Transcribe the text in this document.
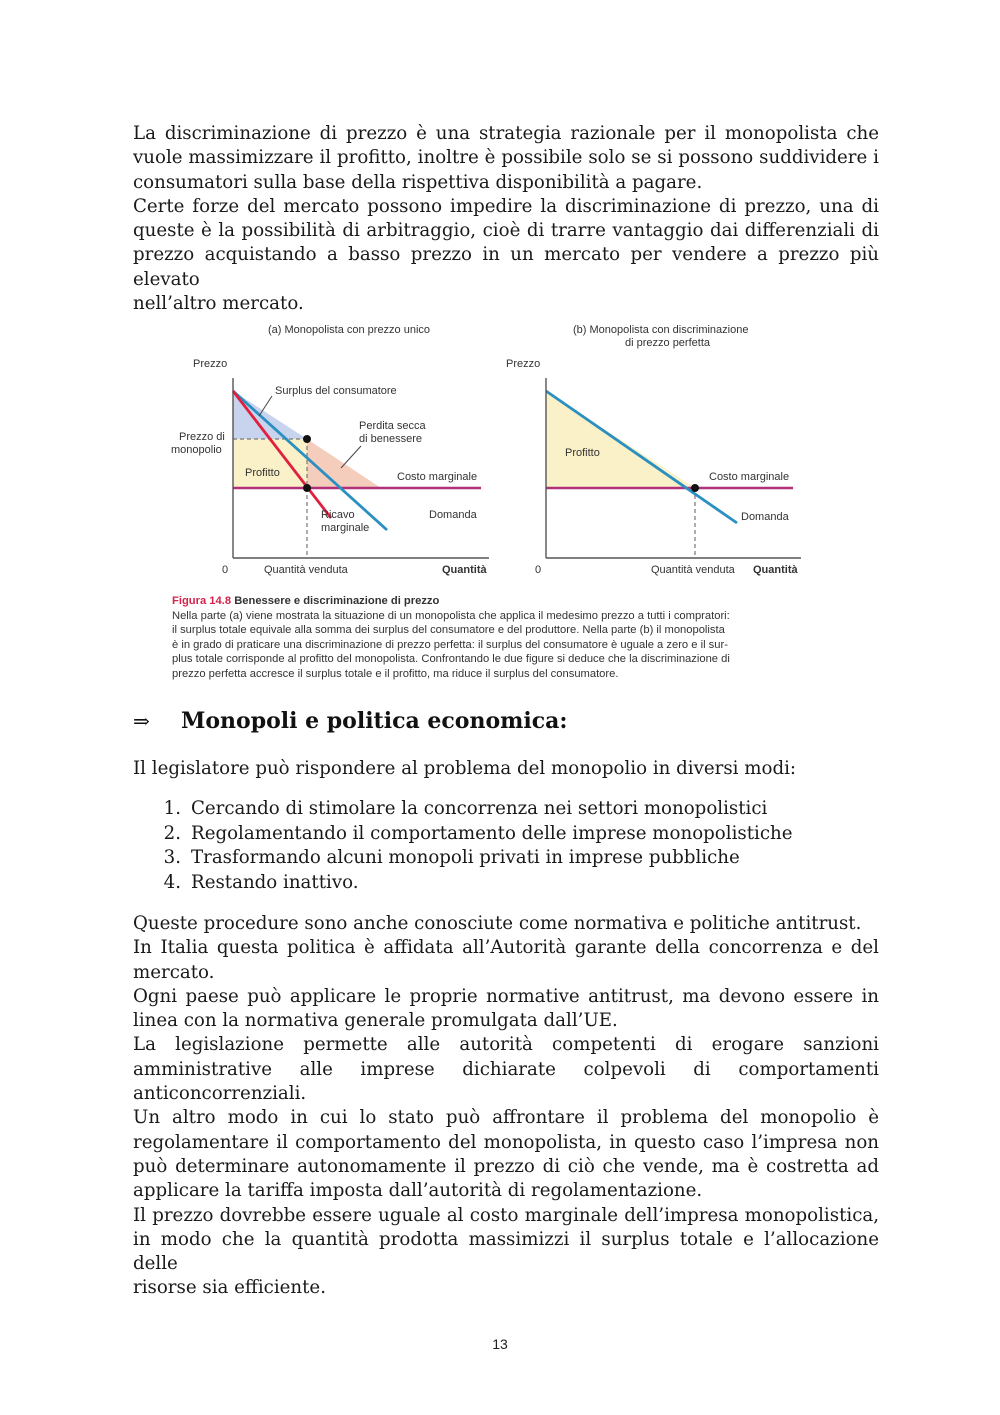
La discriminazione di prezzo è una strategia razionale per il monopolista che
vuole massimizzare il profitto, inoltre è possibile solo se si possono suddividere i
consumatori sulla base della rispettiva disponibilità a pagare.
Certe forze del mercato possono impedire la discriminazione di prezzo, una di
queste è la possibilità di arbitraggio, cioè di trarre vantaggio dai differenziali di
prezzo acquistando a basso prezzo in un mercato per vendere a prezzo più elevato
nell’altro mercato.
(a) Monopolista con prezzo unico
Prezzo
Surplus del consumatore
Prezzo di
monopolio
Perdita secca
di benessere
Profitto	Costo marginale
Ricavo
marginale
Domanda
0	Quantità venduta	Quantità
(b) Monopolista con discriminazione
di prezzo perfetta
Prezzo
Profitto
Costo marginale
Domanda
0	Quantità venduta Quantità
Figura 14.8 Benessere e discriminazione di prezzo
Nella parte (a) viene mostrata la situazione di un monopolista che applica il medesimo prezzo a tutti i compratori:
il surplus totale equivale alla somma dei surplus del consumatore e del produttore. Nella parte (b) il monopolista
è in grado di praticare una discriminazione di prezzo perfetta: il surplus del consumatore è uguale a zero e il sur-
plus totale corrisponde al profitto del monopolista. Confrontando le due figure si deduce che la discriminazione di
prezzo perfetta accresce il surplus totale e il profitto, ma riduce il surplus del consumatore.
⇒ Monopoli e politica economica:
Il legislatore può rispondere al problema del monopolio in diversi modi:
1. Cercando di stimolare la concorrenza nei settori monopolistici
2. Regolamentando il comportamento delle imprese monopolistiche
3. Trasformando alcuni monopoli privati in imprese pubbliche
4. Restando inattivo.
Queste procedure sono anche conosciute come normativa e politiche antitrust.
In Italia questa politica è affidata all’Autorità garante della concorrenza e del
mercato.
Ogni paese può applicare le proprie normative antitrust, ma devono essere in
linea con la normativa generale promulgata dall’UE.
La legislazione permette alle autorità competenti di erogare sanzioni
amministrative alle imprese dichiarate colpevoli di comportamenti
anticoncorrenziali.
Un altro modo in cui lo stato può affrontare il problema del monopolio è
regolamentare il comportamento del monopolista, in questo caso l’impresa non
può determinare autonomamente il prezzo di ciò che vende, ma è costretta ad
applicare la tariffa imposta dall’autorità di regolamentazione.
Il prezzo dovrebbe essere uguale al costo marginale dell’impresa monopolistica,
in modo che la quantità prodotta massimizzi il surplus totale e l’allocazione delle
risorse sia efficiente.
13
